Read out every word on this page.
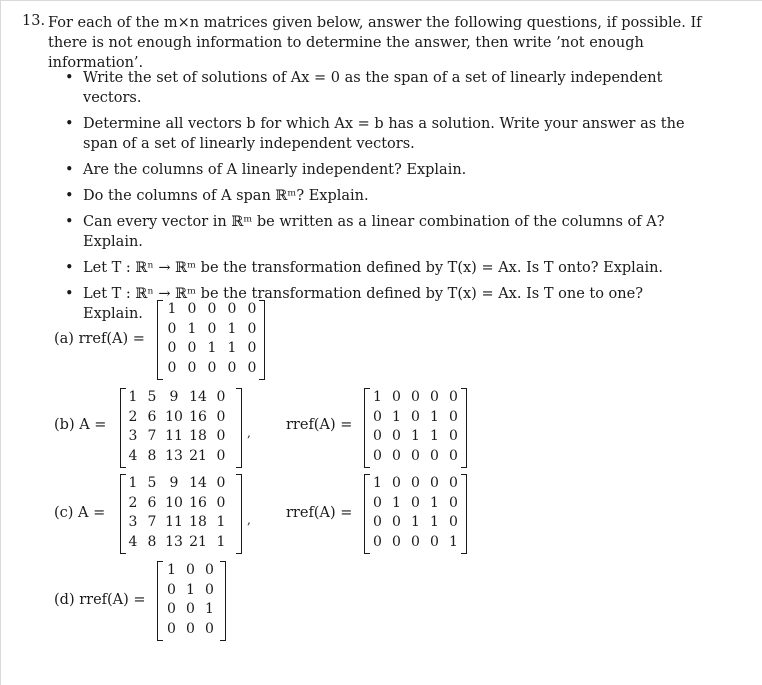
13. For each of the m×n matrices given below, answer the following questions, if possible. If there is not enough information to determine the answer, then write ’not enough information’.
• Write the set of solutions of Ax = 0 as the span of a set of linearly independent vectors.
• Determine all vectors b for which Ax = b has a solution. Write your answer as the span of a set of linearly independent vectors.
• Are the columns of A linearly independent? Explain.
• Do the columns of A span ℝᵐ? Explain.
• Can every vector in ℝᵐ be written as a linear combination of the columns of A? Explain.
• Let T : ℝⁿ → ℝᵐ be the transformation defined by T(x) = Ax. Is T onto? Explain.
• Let T : ℝⁿ → ℝᵐ be the transformation defined by T(x) = Ax. Is T one to one? Explain.
(a) rref(A) =
1 0 0 0 0
0 1 0 1 0
0 0 1 1 0
0 0 0 0 0
(b) A =
1 5 9 14 0
2 6 10 16 0
3 7 11 18 0
4 8 13 21 0
, rref(A) =
1 0 0 0 0
0 1 0 1 0
0 0 1 1 0
0 0 0 0 0
(c) A =
1 5 9 14 0
2 6 10 16 0
3 7 11 18 1
4 8 13 21 1
, rref(A) =
1 0 0 0 0
0 1 0 1 0
0 0 1 1 0
0 0 0 0 1
(d) rref(A) =
1 0 0
0 1 0
0 0 1
0 0 0
